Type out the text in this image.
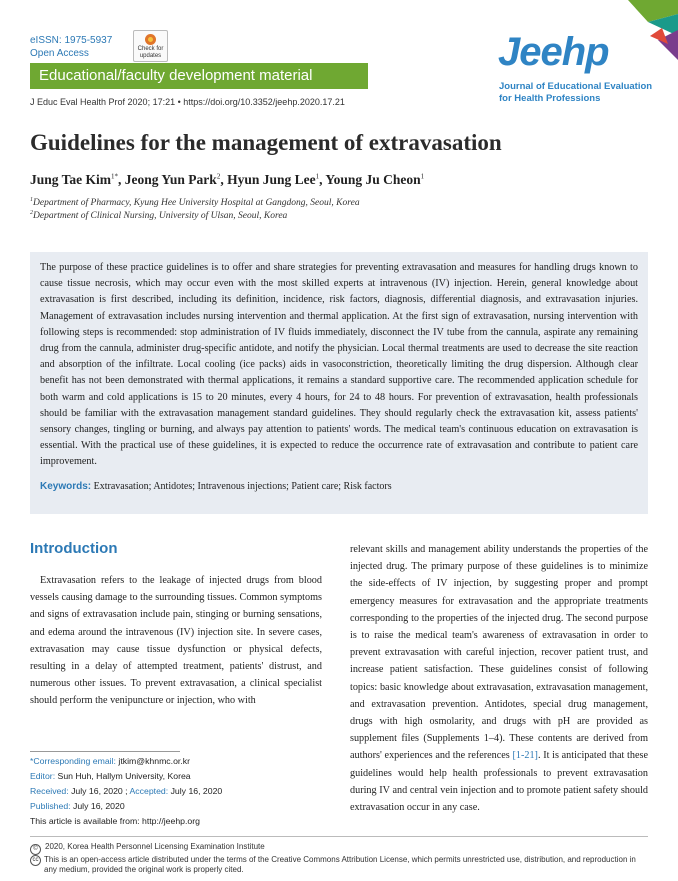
eISSN: 1975-5937
Open Access	Check for updates
Educational/faculty development material
J Educ Eval Health Prof 2020; 17:21 • https://doi.org/10.3352/jeehp.2020.17.21
Jeehp
Journal of Educational Evaluation
for Health Professions
Guidelines for the management of extravasation
Jung Tae Kim$^{1*}$, Jeong Yun Park$^2$, Hyun Jung Lee$^1$, Young Ju Cheon$^1$
$^1$Department of Pharmacy, Kyung Hee University Hospital at Gangdong, Seoul, Korea
$^2$Department of Clinical Nursing, University of Ulsan, Seoul, Korea

The purpose of these practice guidelines is to offer and share strategies for preventing extravasation and measures for handling drugs known to cause tissue necrosis, which may occur even with the most skilled experts at intravenous (IV) injection. Herein, general knowledge about extravasation is first described, including its definition, incidence, risk factors, diagnosis, differential diagnosis, and extravasation injuries. Management of extravasation includes nursing intervention and thermal application. At the first sign of extravasation, nursing intervention with following steps is recommended: stop administration of IV fluids immediately, disconnect the IV tube from the cannula, aspirate any remaining drug from the cannula, administer drug-specific antidote, and notify the physician. Local thermal treatments are used to decrease the site reaction and absorption of the infiltrate. Local cooling (ice packs) aids in vasoconstriction, theoretically limiting the drug dispersion. Although clear benefit has not been demonstrated with thermal applications, it remains a standard supportive care. The recommended application schedule for both warm and cold applications is 15 to 20 minutes, every 4 hours, for 24 to 48 hours. For prevention of extravasation, health professionals should be familiar with the extravasation management standard guidelines. They should regularly check the extravasation kit, assess patients' sensory changes, tingling or burning, and always pay attention to patients' words. The medical team's continuous education on extravasation is essential. With the practical use of these guidelines, it is expected to reduce the occurrence rate of extravasation and contribute to patient care improvement.

Keywords: Extravasation; Antidotes; Intravenous injections; Patient care; Risk factors
Introduction

Extravasation refers to the leakage of injected drugs from blood vessels causing damage to the surrounding tissues. Common symptoms and signs of extravasation include pain, stinging or burning sensations, and edema around the intravenous (IV) injection site. In severe cases, extravasation may cause tissue dysfunction or physical defects, resulting in a delay of attempted treatment, patients' distrust, and numerous other issues. To prevent extravasation, a clinical specialist should perform the venipuncture or injection, who with

relevant skills and management ability understands the properties of the injected drug. The primary purpose of these guidelines is to minimize the side-effects of IV injection, by suggesting proper and prompt emergency measures for extravasation and the appropriate treatments corresponding to the properties of the injected drug. The second purpose is to raise the medical team's awareness of extravasation in order to prevent extravasation with careful injection, recover patient trust, and increase patient satisfaction. These guidelines consist of following topics: basic knowledge about extravasation, extravasation management, and extravasation prevention. Antidotes, special drug management, drugs with high osmolarity, and drugs with pH are provided as supplement files (Supplements 1–4). These contents are derived from authors' experiences and the references [1-21]. It is anticipated that these guidelines would help health professionals to prevent extravasation during IV and central vein injection and to promote patient safety should extravasation occur in any case.

*Corresponding email: jtkim@khnmc.or.kr
Editor: Sun Huh, Hallym University, Korea
Received: July 16, 2020 ; Accepted: July 16, 2020
Published: July 16, 2020
This article is available from: http://jeehp.org
© 2020, Korea Health Personnel Licensing Examination Institute
cc This is an open-access article distributed under the terms of the Creative Commons Attribution License, which permits unrestricted use, distribution, and reproduction in any medium, provided the original work is properly cited.
